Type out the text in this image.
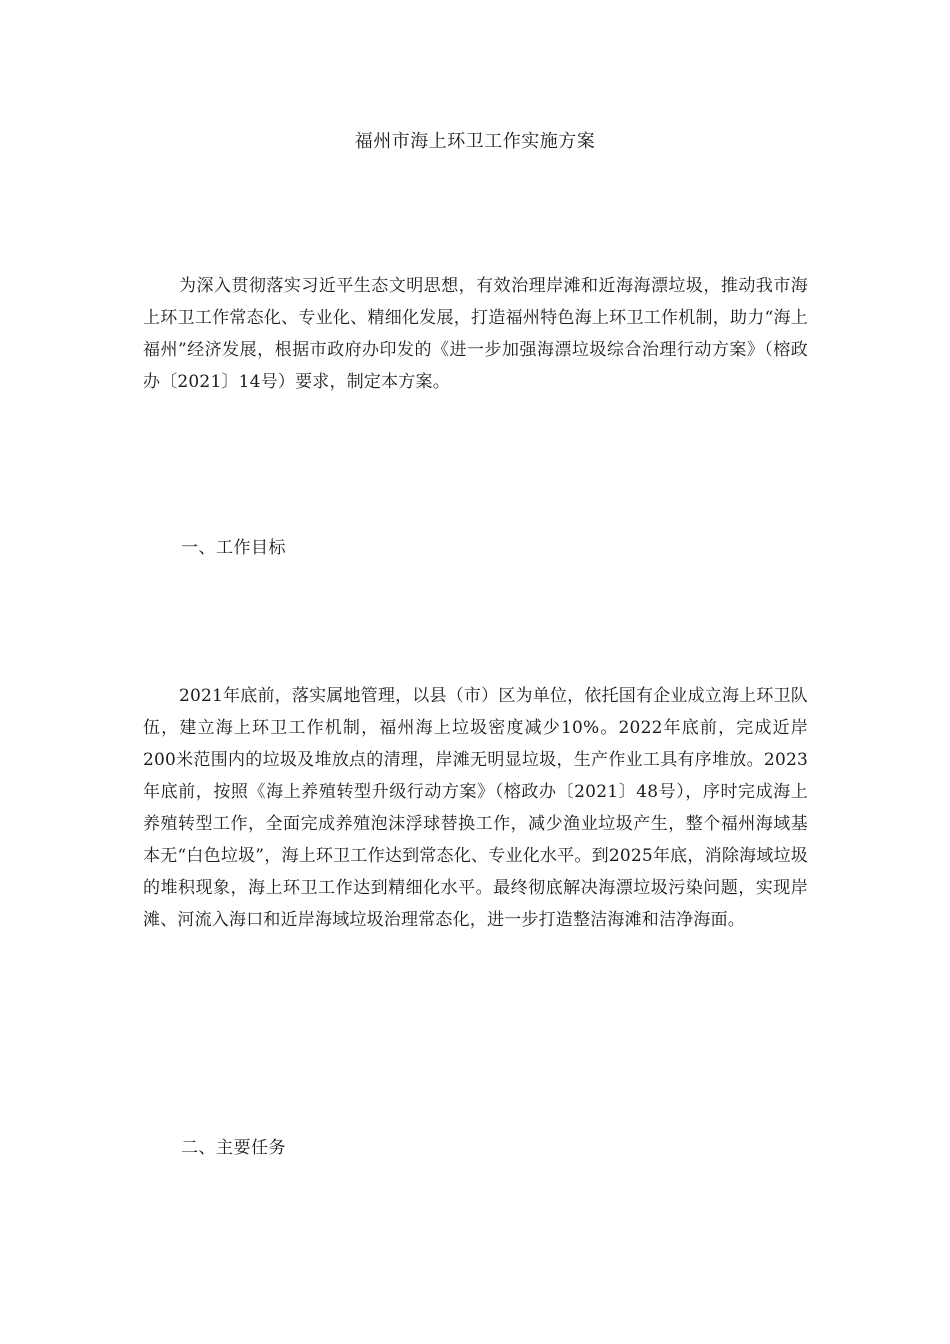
福州市海上环卫工作实施方案

为深入贯彻落实习近平生态文明思想，有效治理岸滩和近海海漂垃圾，推动我市海上环卫工作常态化、专业化、精细化发展，打造福州特色海上环卫工作机制，助力“海上福州”经济发展，根据市政府办印发的《进一步加强海漂垃圾综合治理行动方案》（榕政办〔2021〕14号）要求，制定本方案。

一、工作目标

2021年底前，落实属地管理，以县（市）区为单位，依托国有企业成立海上环卫队伍，建立海上环卫工作机制，福州海上垃圾密度减少10%。2022年底前，完成近岸200米范围内的垃圾及堆放点的清理，岸滩无明显垃圾，生产作业工具有序堆放。2023年底前，按照《海上养殖转型升级行动方案》（榕政办〔2021〕48号），序时完成海上养殖转型工作，全面完成养殖泡沫浮球替换工作，减少渔业垃圾产生，整个福州海域基本无“白色垃圾”，海上环卫工作达到常态化、专业化水平。到2025年底，消除海域垃圾的堆积现象，海上环卫工作达到精细化水平。最终彻底解决海漂垃圾污染问题，实现岸滩、河流入海口和近岸海域垃圾治理常态化，进一步打造整洁海滩和洁净海面。

二、主要任务
